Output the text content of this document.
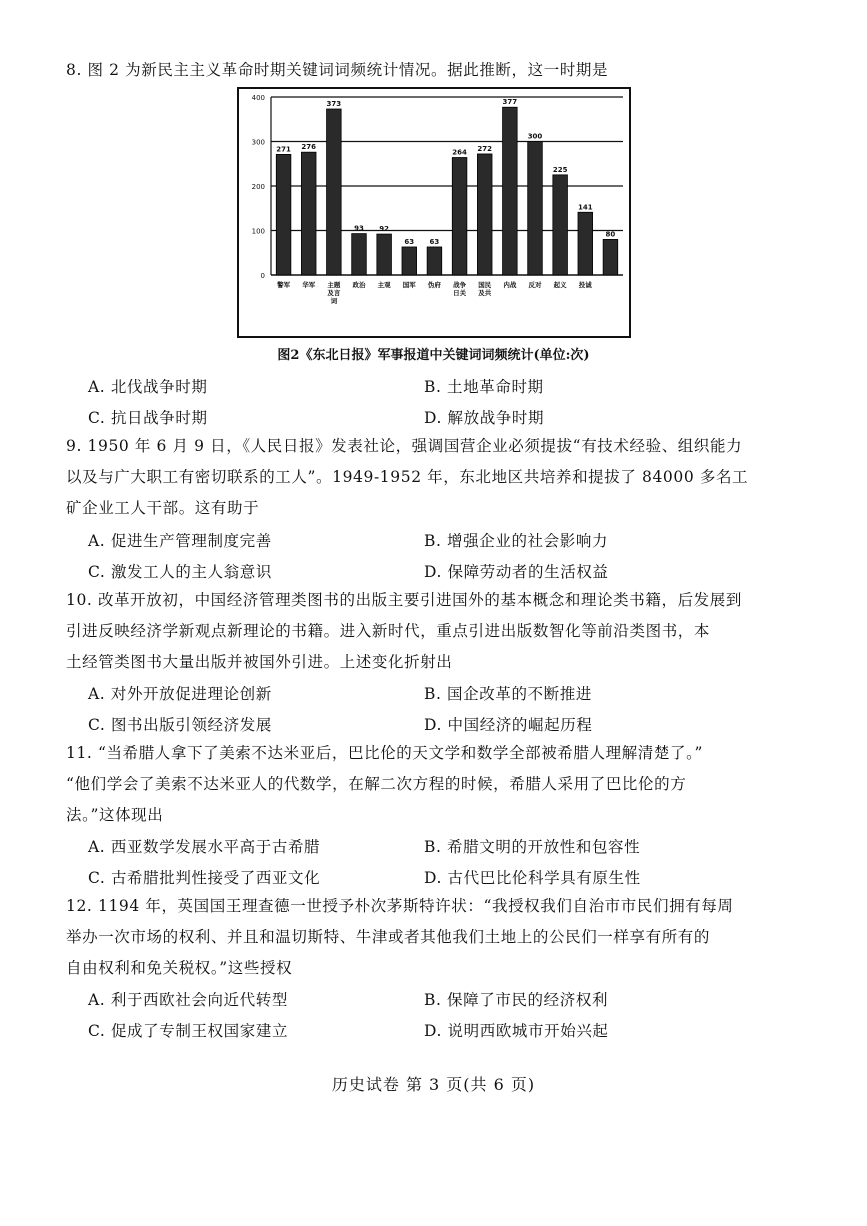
8. 图 2 为新民主主义革命时期关键词词频统计情况。据此推断，这一时期是
0
100
200
300
400
271 276
373
93 92
63 63
264 272
377
300
225
141
80
警军 华军 主题及言词
政治 主观 国军 伪府 战争日关
国民及共
内战 反对 起义 投诚
图2《东北日报》军事报道中关键词词频统计(单位:次)
A. 北伐战争时期	B. 土地革命时期
C. 抗日战争时期	D. 解放战争时期
9. 1950 年 6 月 9 日，《人民日报》发表社论，强调国营企业必须提拔“有技术经验、组织能力
以及与广大职工有密切联系的工人”。1949-1952 年，东北地区共培养和提拔了 84000 多名工
矿企业工人干部。这有助于
A. 促进生产管理制度完善	B. 增强企业的社会影响力
C. 激发工人的主人翁意识	D. 保障劳动者的生活权益
10. 改革开放初，中国经济管理类图书的出版主要引进国外的基本概念和理论类书籍，后发展到
引进反映经济学新观点新理论的书籍。进入新时代，重点引进出版数智化等前沿类图书，本
土经管类图书大量出版并被国外引进。上述变化折射出
A. 对外开放促进理论创新	B. 国企改革的不断推进
C. 图书出版引领经济发展	D. 中国经济的崛起历程
11. “当希腊人拿下了美索不达米亚后，巴比伦的天文学和数学全部被希腊人理解清楚了。”
“他们学会了美索不达米亚人的代数学，在解二次方程的时候，希腊人采用了巴比伦的方
法。”这体现出
A. 西亚数学发展水平高于古希腊	B. 希腊文明的开放性和包容性
C. 古希腊批判性接受了西亚文化	D. 古代巴比伦科学具有原生性
12. 1194 年，英国国王理查德一世授予朴次茅斯特许状：“我授权我们自治市市民们拥有每周
举办一次市场的权利、并且和温切斯特、牛津或者其他我们土地上的公民们一样享有所有的
自由权利和免关税权。”这些授权
A. 利于西欧社会向近代转型	B. 保障了市民的经济权利
C. 促成了专制王权国家建立	D. 说明西欧城市开始兴起
历史试卷 第 3 页(共 6 页)
